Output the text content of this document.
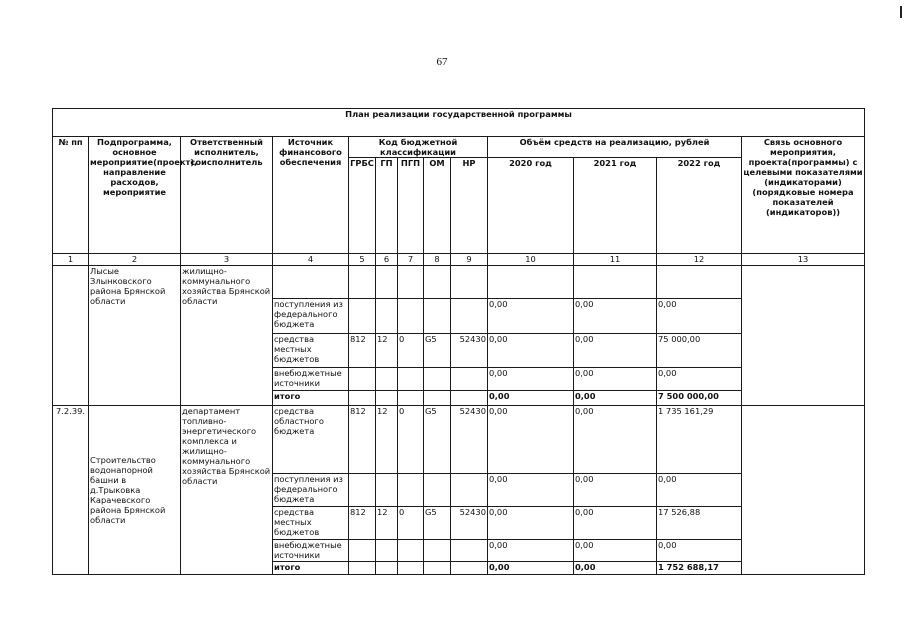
67
План реализации государственной программы												
№ пп	Подпрограмма, основное мероприятие(проект), направление расходов, мероприятие	Ответственный исполнитель, соисполнитель	Источник финансового обеспечения	Код бюджетной классификации					Объём средств на реализацию, рублей			Связь основного мероприятия, проекта(программы) с целевыми показателями (индикаторами) (порядковые номера показателей (индикаторов))
				ГРБС	ГП	ПГП	ОМ	НР	2020 год	2021 год	2022 год	
1	2	3	4	5	6	7	8	9	10	11	12	13
	Лысые Злынковского района Брянской области	жилищно-коммунального хозяйства Брянской области										
			поступления из федерального бюджета						0,00	0,00	0,00	
			средства местных бюджетов	812	12	0	G5	52430	0,00	0,00	75 000,00	
			внебюджетные источники						0,00	0,00	0,00	
			итого						0,00	0,00	7 500 000,00	
7.2.39.	Строительство водонапорной башни в д.Трыковка Карачевского района Брянской области	департамент топливно-энергетического комплекса и жилищно-коммунального хозяйства Брянской области	средства областного бюджета	812	12	0	G5	52430	0,00	0,00	1 735 161,29	
			поступления из федерального бюджета						0,00	0,00	0,00	
			средства местных бюджетов	812	12	0	G5	52430	0,00	0,00	17 526,88	
			внебюджетные источники						0,00	0,00	0,00	
			итого						0,00	0,00	1 752 688,17	
